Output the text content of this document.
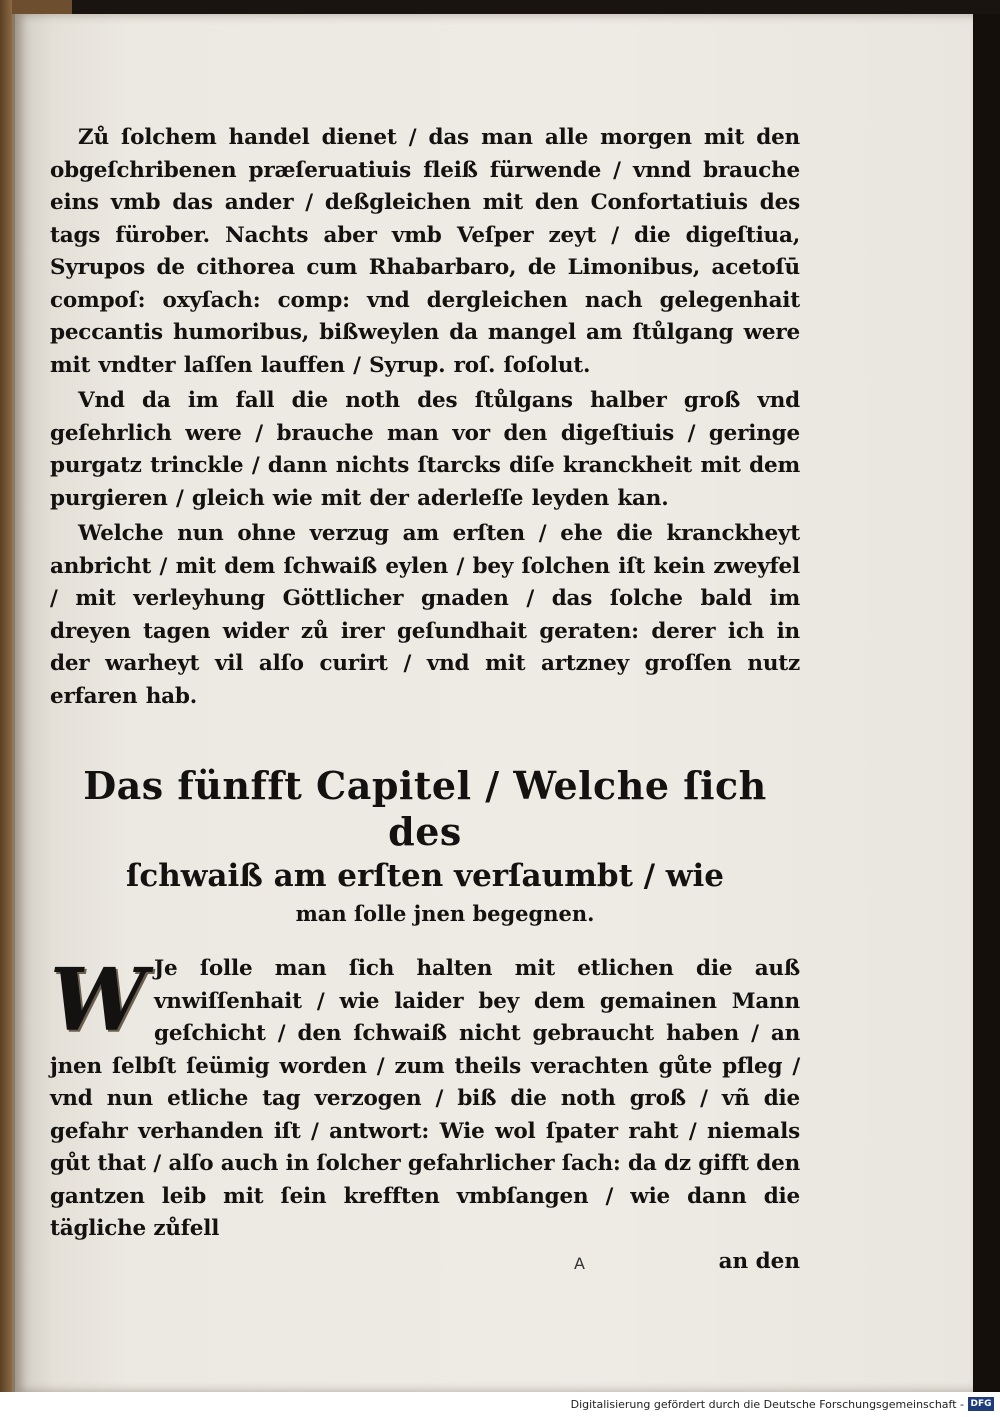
Zů ſolchem handel dienet / das man alle morgen mit den obgeſchribenen præſeruatiuis fleiß fürwende / vnnd brauche eins vmb das ander / deßgleichen mit den Confortatiuis des tags fürober. Nachts aber vmb Veſper zeyt / die digeſtiua, Syrupos de cithorea cum Rhabarbaro, de Limonibus, acetoſū compoſ: oxyſach: comp: vnd dergleichen nach gelegenhait peccantis humoribus, bißweylen da mangel am ſtůlgang were mit vndter laſſen lauffen / Syrup. roſ. ſoſolut.

Vnd da im fall die noth des ſtůlgans halber groß vnd geſehrlich were / brauche man vor den digeſtiuis / geringe purgatz trinckle / dann nichts ſtarcks diſe kranckheit mit dem purgieren / gleich wie mit der aderleſſe leyden kan.

Welche nun ohne verzug am erſten / ehe die kranckheyt anbricht / mit dem ſchwaiß eylen / bey ſolchen iſt kein zweyfel / mit verleyhung Göttlicher gnaden / das ſolche bald im dreyen tagen wider zů irer geſundhait geraten: derer ich in der warheyt vil alſo curirt / vnd mit artzney groſſen nutz erfaren hab.

Das fünfft Capitel / Welche ſich des

ſchwaiß am erſten verſaumbt / wie

man ſolle jnen begegnen.

W Je ſolle man ſich halten mit etlichen die auß vnwiſſenhait / wie laider bey dem gemainen Mann geſchicht / den ſchwaiß nicht gebraucht haben / an jnen ſelbſt ſeümig worden / zum theils verachten gůte pfleg / vnd nun etliche tag verzogen / biß die noth groß / vñ die gefahr verhanden iſt / antwort: Wie wol ſpater raht / niemals gůt that / alſo auch in ſolcher gefahrlicher ſach: da dz gifft den gantzen leib mit ſein krefften vmbſangen / wie dann die tägliche zůfell

an den

A
Digitalisierung gefördert durch die Deutsche Forschungsgemeinschaft - DFG
